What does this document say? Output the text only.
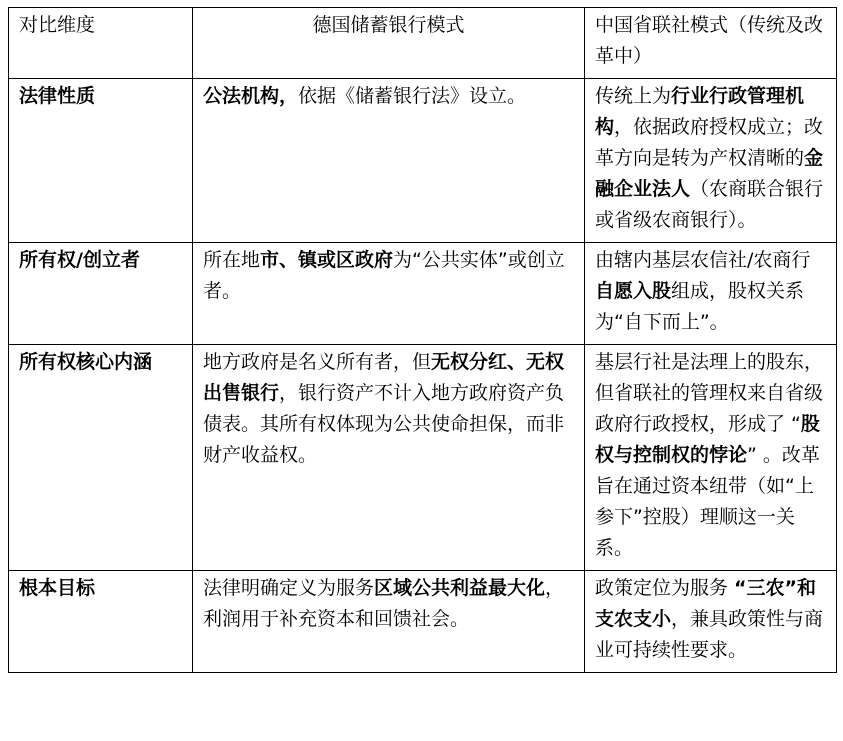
对比维度	德国储蓄银行模式	中国省联社模式（传统及改革中）
法律性质	公法机构，依据《储蓄银行法》设立。	传统上为行业行政管理机构，依据政府授权成立；改革方向是转为产权清晰的金融企业法人（农商联合银行或省级农商银行）。
所有权/创立者	所在地市、镇或区政府为“公共实体”或创立者。	由辖内基层农信社/农商行自愿入股组成，股权关系为“自下而上”。
所有权核心内涵	地方政府是名义所有者，但无权分红、无权出售银行，银行资产不计入地方政府资产负债表。其所有权体现为公共使命担保，而非财产收益权。	基层行社是法理上的股东，但省联社的管理权来自省级政府行政授权，形成了 “股权与控制权的悖论” 。改革旨在通过资本纽带（如“上参下”控股）理顺这一关系。
根本目标	法律明确定义为服务区域公共利益最大化，利润用于补充资本和回馈社会。	政策定位为服务 “三农”和支农支小，兼具政策性与商业可持续性要求。
